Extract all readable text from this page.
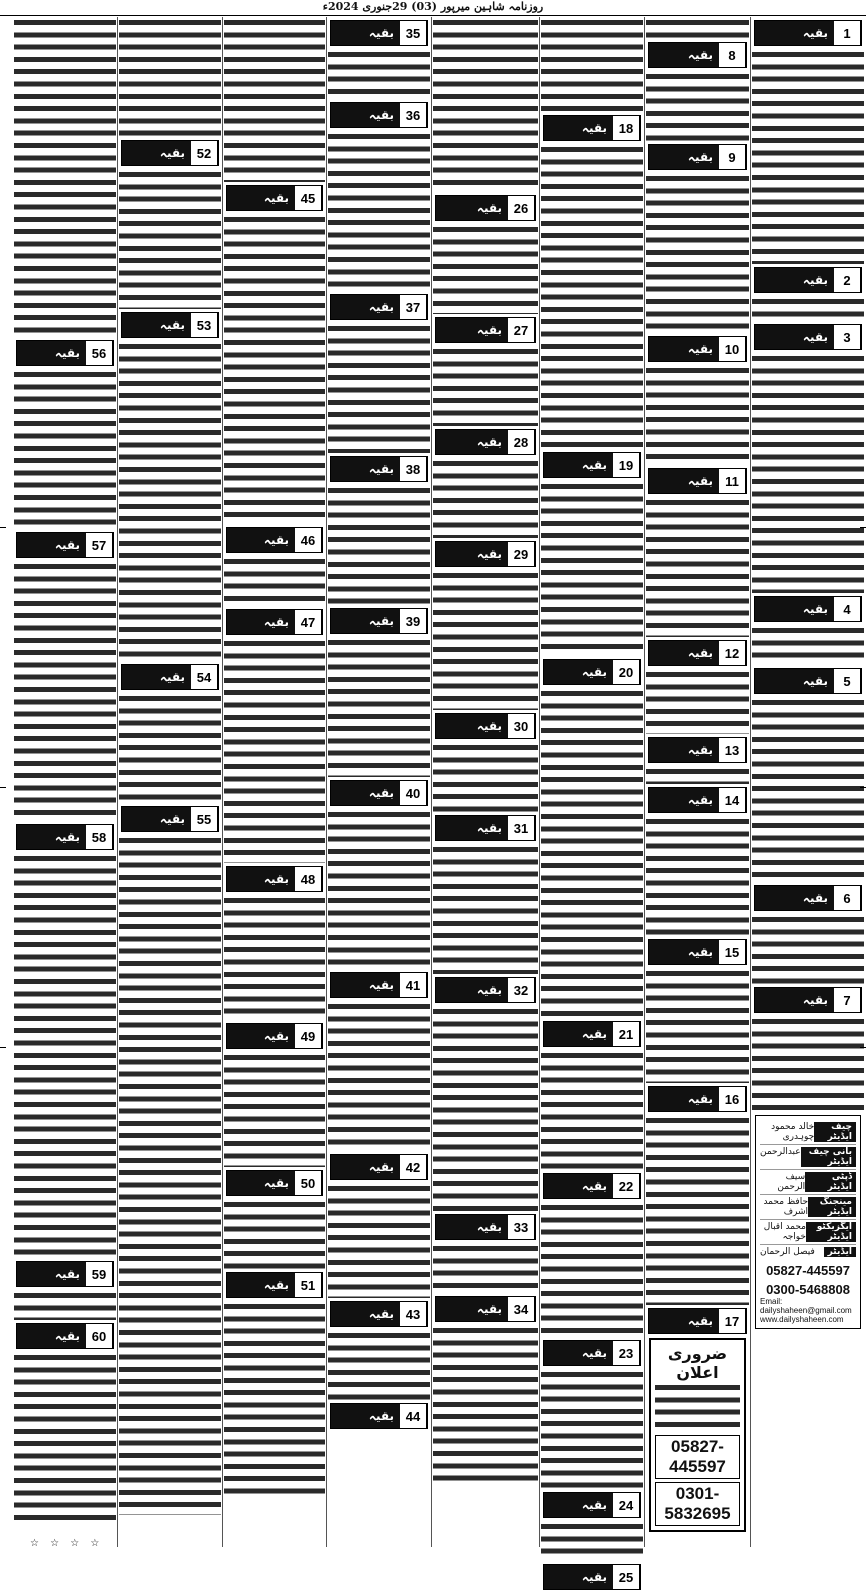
روزنامہ شاہین میرپور (03) 29جنوری 2024ء
بقیہ	1
بقیہ	2
بقیہ	3
بقیہ	4
بقیہ	5
بقیہ	6
بقیہ	7
چیف ایڈیٹر
خالد محمود چوہدری
بانی چیف ایڈیٹر
عبدالرحمن
ڈپٹی ایڈیٹر
سیف الرحمن
مینجنگ ایڈیٹر
حافظ محمد اشرف
ایگزیکٹو ایڈیٹر
محمد اقبال خواجہ
ایڈیٹر
فیصل الرحمان
05827-445597
0300-5468808
Email: dailyshaheen@gmail.com www.dailyshaheen.com
بقیہ	8
بقیہ	9
بقیہ 10
بقیہ 11
بقیہ 12
بقیہ 13
بقیہ 14
بقیہ 15
بقیہ 16
بقیہ 17
ضروری اعلان
05827-445597
0301-5832695
بقیہ 18
بقیہ 19
بقیہ 20
بقیہ 21
بقیہ 22
بقیہ 23
بقیہ 24
بقیہ 25
بقیہ 26
بقیہ 27
بقیہ 28
بقیہ 29
بقیہ 30
بقیہ 31
بقیہ 32
بقیہ 33
بقیہ 34
بقیہ 35
بقیہ 36
بقیہ 37
بقیہ 38
بقیہ 39
بقیہ 40
بقیہ 41
بقیہ 42
بقیہ 43
بقیہ 44
بقیہ 45
بقیہ 46
بقیہ 47
بقیہ 48
بقیہ 49
بقیہ 50
بقیہ 51
بقیہ 52
بقیہ 53
بقیہ 54
بقیہ 55
بقیہ 56
بقیہ 57
بقیہ 58
بقیہ 59
بقیہ 60
☆ ☆ ☆ ☆
